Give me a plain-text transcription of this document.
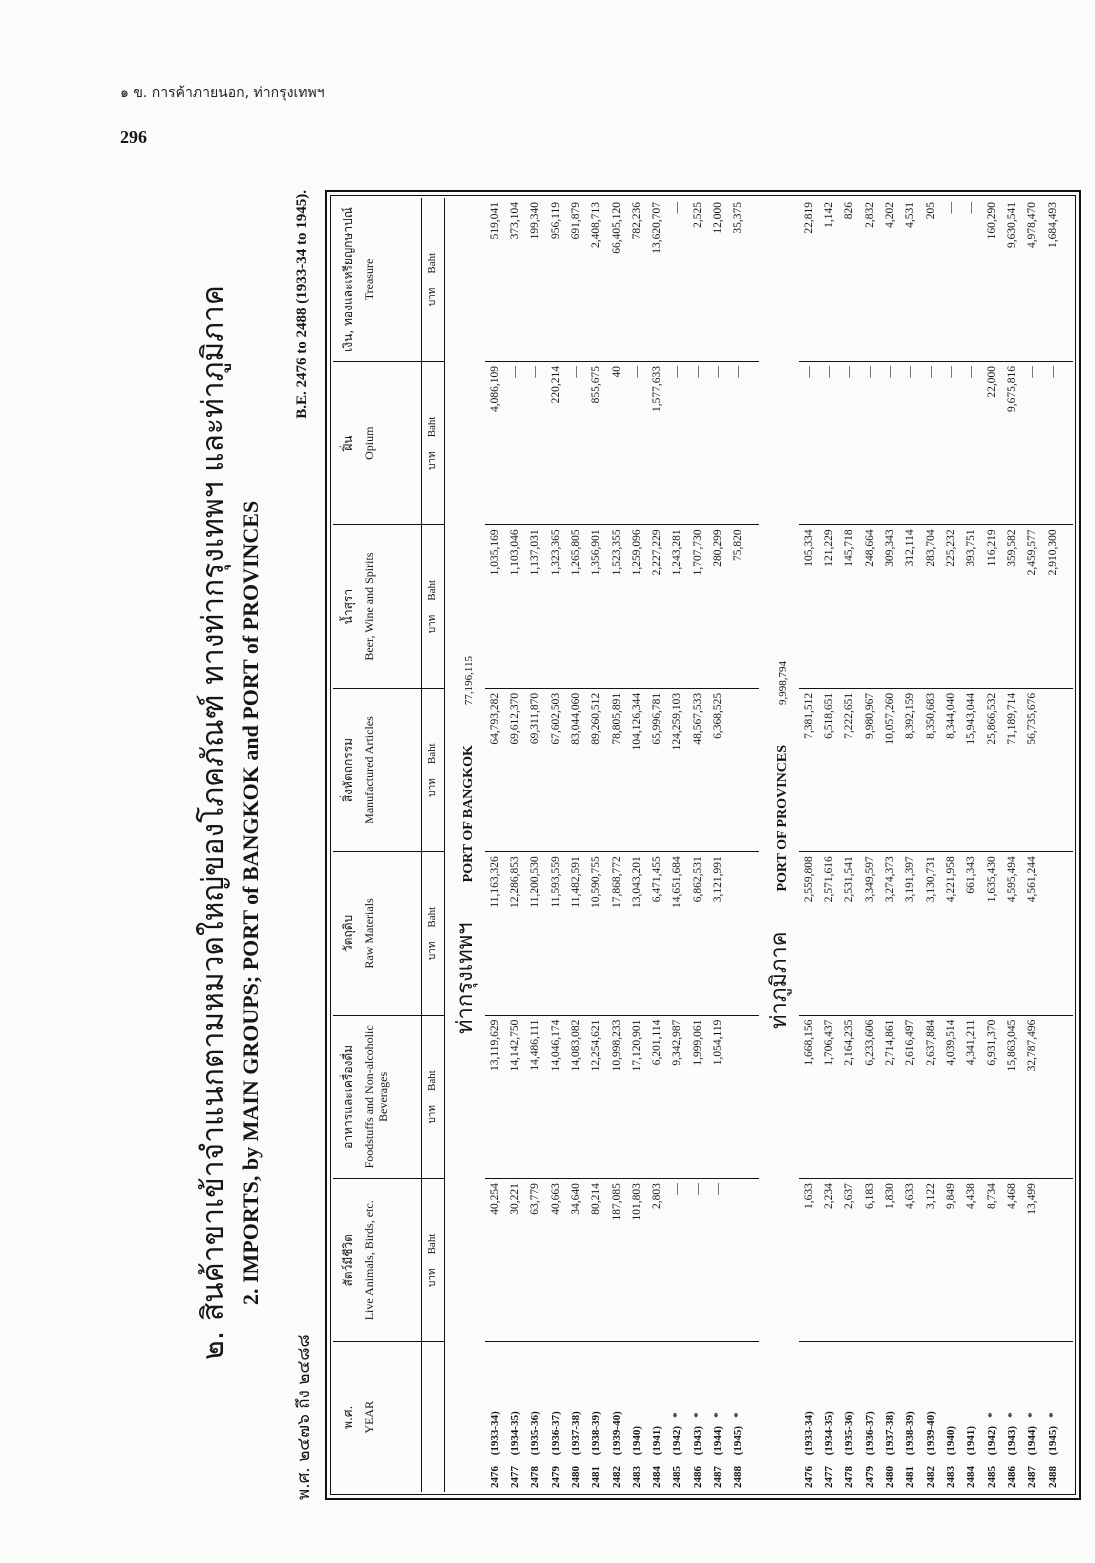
๑ ข. การค้าภายนอก, ท่ากรุงเทพฯ
296
๒. สินค้าขาเข้าจำแนกตามหมวดใหญ่ของโภคภัณฑ์ ทางท่ากรุงเทพฯ และท่าภูมิภาค 2. IMPORTS, by MAIN GROUPS; PORT of BANGKOK and PORT of PROVINCES
พ.ศ. ๒๔๗๖ ถึง ๒๔๘๘
B.E. 2476 to 2488 (1933-34 to 1945).
พ.ศ. YEAR	สัตว์มีชีวิต Live Animals, Birds, etc.	อาหารและเครื่องดื่ม Foodstuffs and Non-alcoholic Beverages	วัตถุดิบ Raw Materials	สิ่งหัตถกรรม Manufactured Articles	น้ำสุรา Beer, Wine and Spirits	ฝิ่น Opium	เงิน, ทองและเหรียญกษาปณ์ Treasure

	บาทBaht	บาทBaht	บาทBaht	บาทBaht	บาทBaht	บาทBaht	บาทBaht
ท่ากรุงเทพฯPORT OF BANGKOK77,196,115							
2476 (1933-34)	40,254	13,119,629	11,163,326	64,793,282	1,035,169	4,086,109	519,041
2477 (1934-35)	30,221	14,142,750	12,286,853	69,612,370	1,103,046	—	373,104
2478 (1935-36)	63,779	14,486,111	11,200,530	69,311,870	1,137,031	—	199,340
2479 (1936-37)	40,663	14,046,174	11,593,559	67,602,503	1,323,365	220,214	956,119
2480 (1937-38)	34,640	14,083,082	11,482,591	83,044,060	1,265,805	—	691,879
2481 (1938-39)	80,214	12,254,621	10,590,755	89,260,512	1,356,901	855,675	2,408,713
2482 (1939-40)	187,085	10,998,233	17,868,772	78,805,891	1,523,355	40	66,405,120
2483 (1940)	101,803	17,120,901	13,043,201	104,126,344	1,259,096	—	782,236
2484 (1941)	2,803	6,201,114	6,471,455	65,996,781	2,227,229	1,577,633	13,620,707
2485 (1942)*	—	9,342,987	14,651,684	124,259,103	1,243,281	—	—
2486 (1943)*	—	1,999,061	6,862,531	48,567,533	1,707,730	—	2,525
2487 (1944)*	—	1,054,119	3,121,991	6,368,525	280,299	—	12,000
2488 (1945)*					75,820	—	35,375

ท่าภูมิภาคPORT OF PROVINCES9,998,794							
2476 (1933-34)	1,633	1,668,156	2,559,808	7,381,512	105,334	—	22,819
2477 (1934-35)	2,234	1,706,437	2,571,616	6,518,651	121,229	—	1,142
2478 (1935-36)	2,637	2,164,235	2,531,541	7,222,651	145,718	—	826
2479 (1936-37)	6,183	6,233,606	3,349,597	9,980,967	248,664	—	2,832
2480 (1937-38)	1,830	2,714,861	3,274,373	10,057,260	309,343	—	4,202
2481 (1938-39)	4,633	2,616,497	3,191,397	8,392,159	312,114	—	4,531
2482 (1939-40)	3,122	2,637,884	3,130,731	8,350,683	283,704	—	205
2483 (1940)	9,849	4,039,514	4,221,958	8,344,040	225,232	—	—
2484 (1941)	4,438	4,341,211	661,343	15,943,044	393,751	—	—
2485 (1942)*	8,734	6,931,370	1,635,430	25,866,532	116,219	22,000	160,290
2486 (1943)*	4,468	15,863,045	4,595,494	71,189,714	359,582	9,675,816	9,630,541
2487 (1944)*	13,499	32,787,496	4,561,244	56,735,676	2,459,577	—	4,978,470
2488 (1945)*					2,910,300	—	1,684,493
